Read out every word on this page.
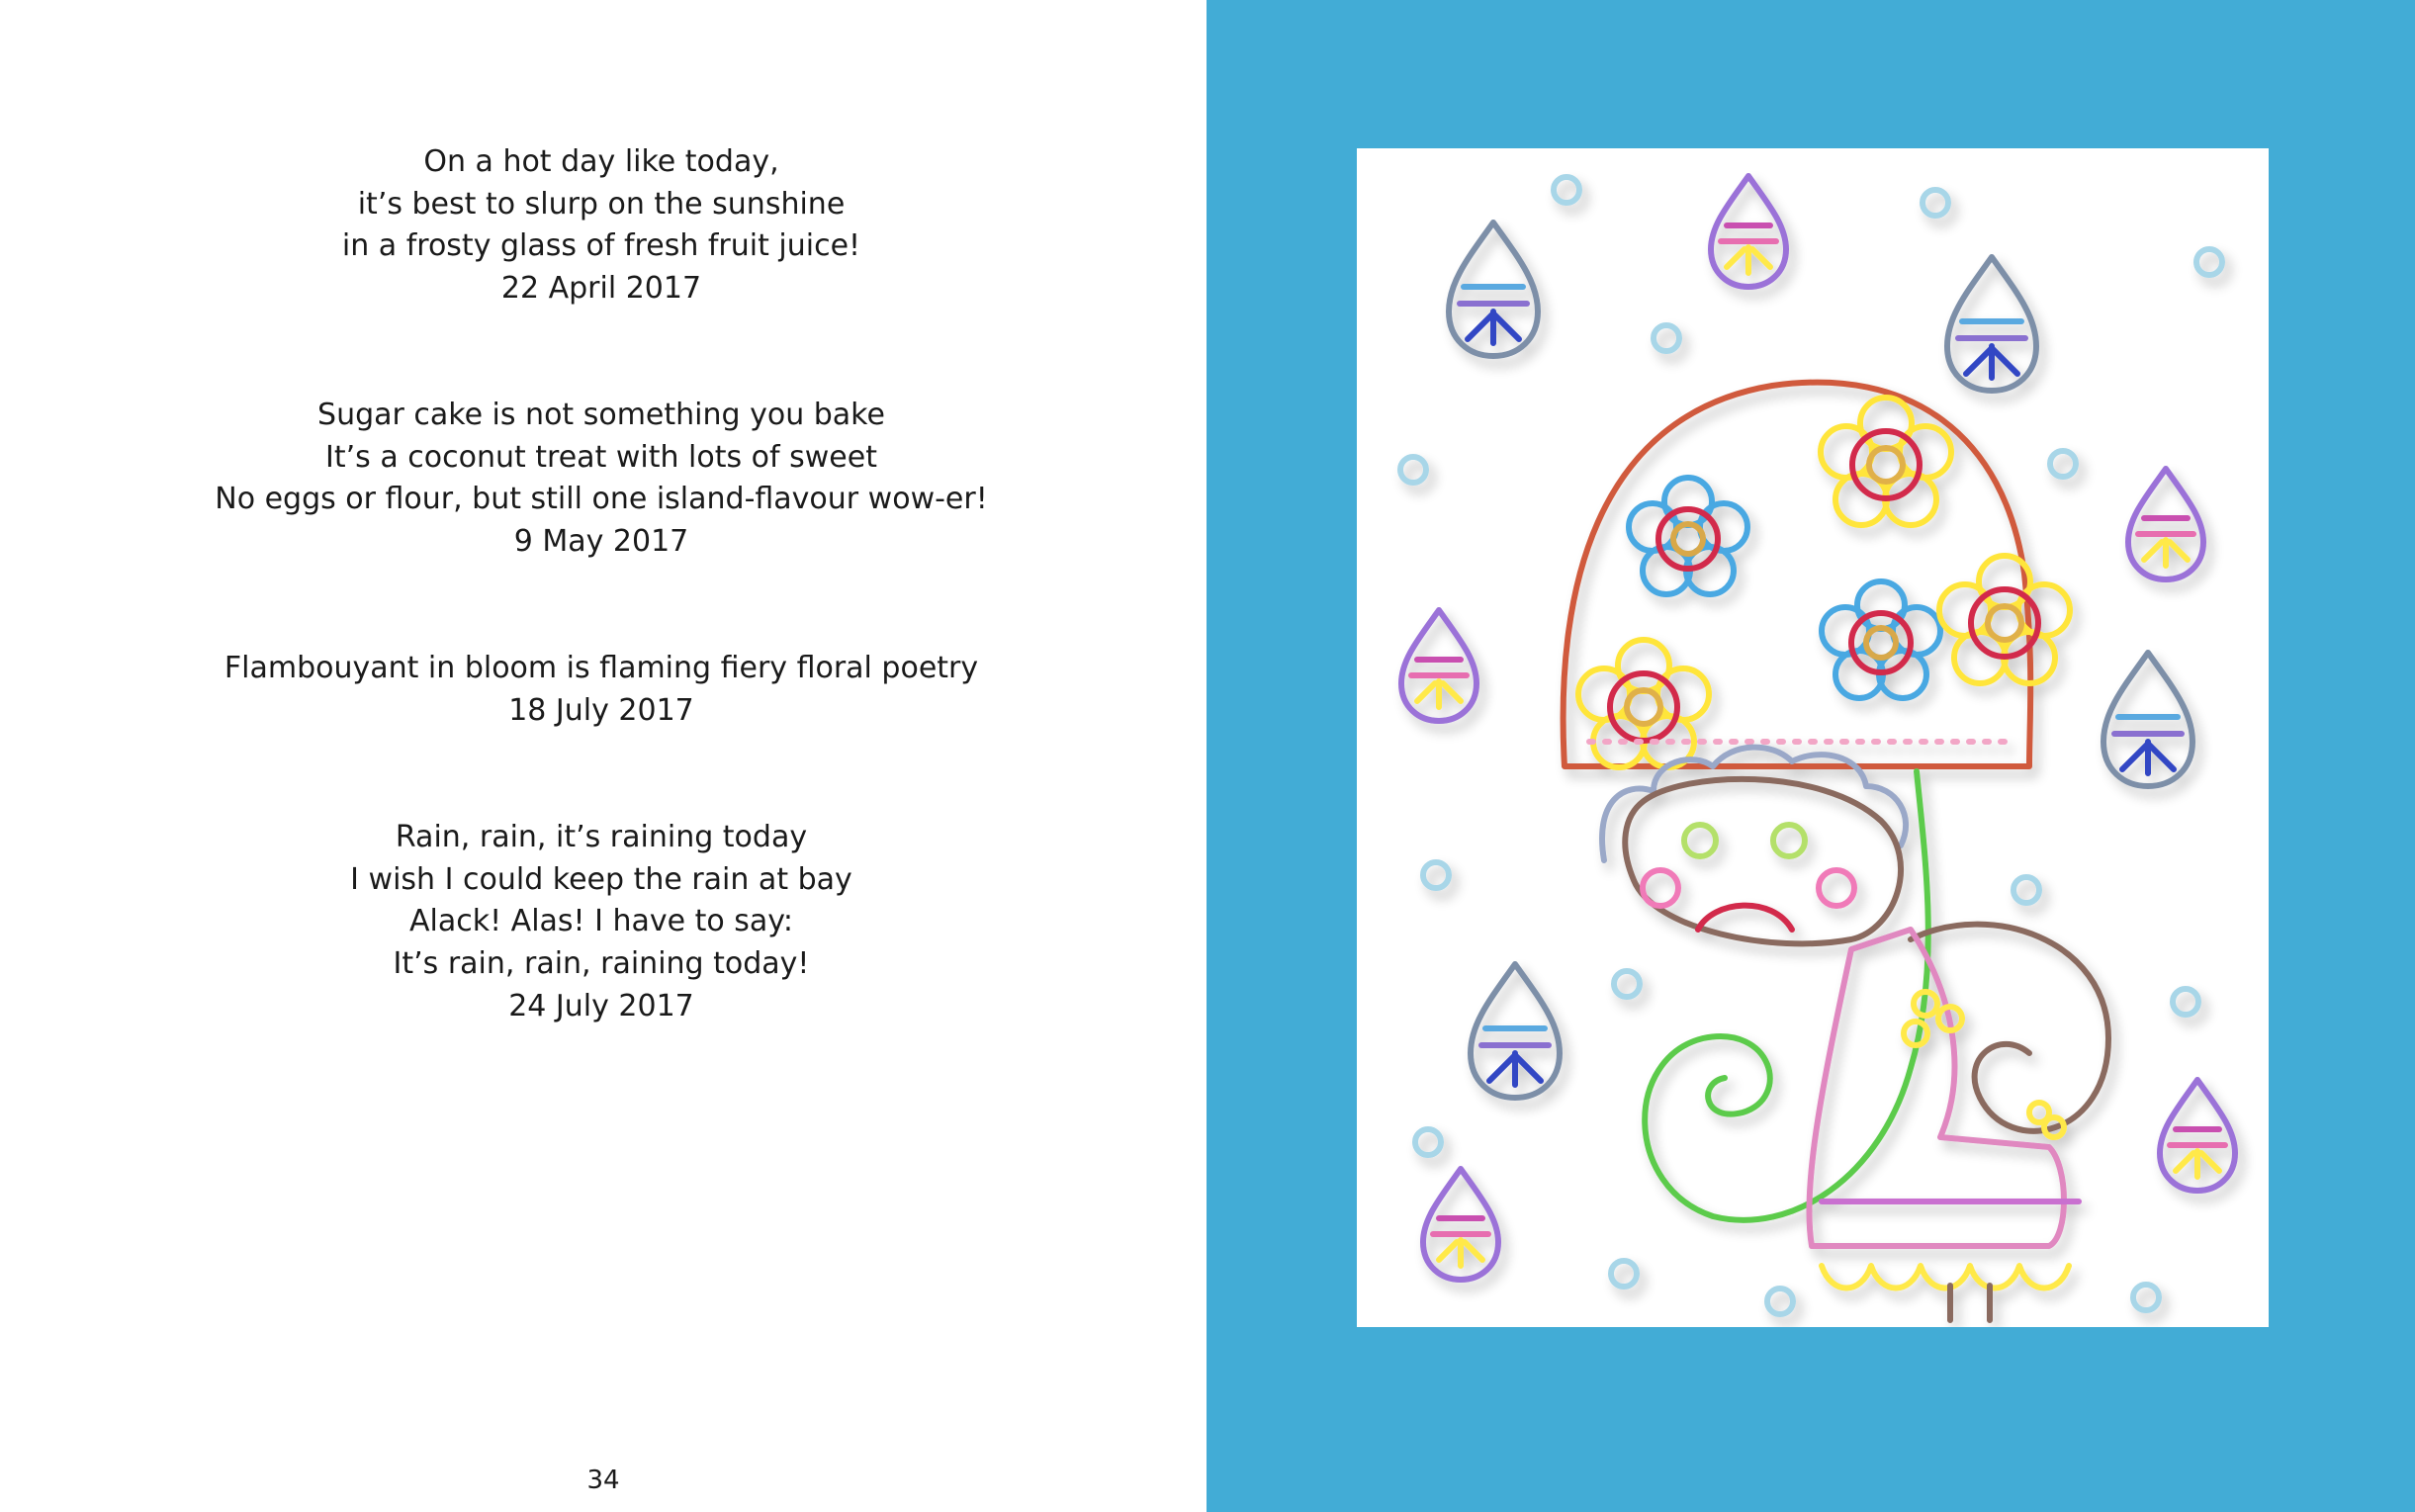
On a hot day like today,
it’s best to slurp on the sunshine
in a frosty glass of fresh fruit juice!
22 April 2017
Sugar cake is not something you bake
It’s a coconut treat with lots of sweet
No eggs or flour, but still one island-flavour wow-er!
9 May 2017
Flambouyant in bloom is flaming fiery floral poetry
18 July 2017
Rain, rain, it’s raining today
I wish I could keep the rain at bay
Alack! Alas! I have to say:
It’s rain, rain, raining today!
24 July 2017
34
